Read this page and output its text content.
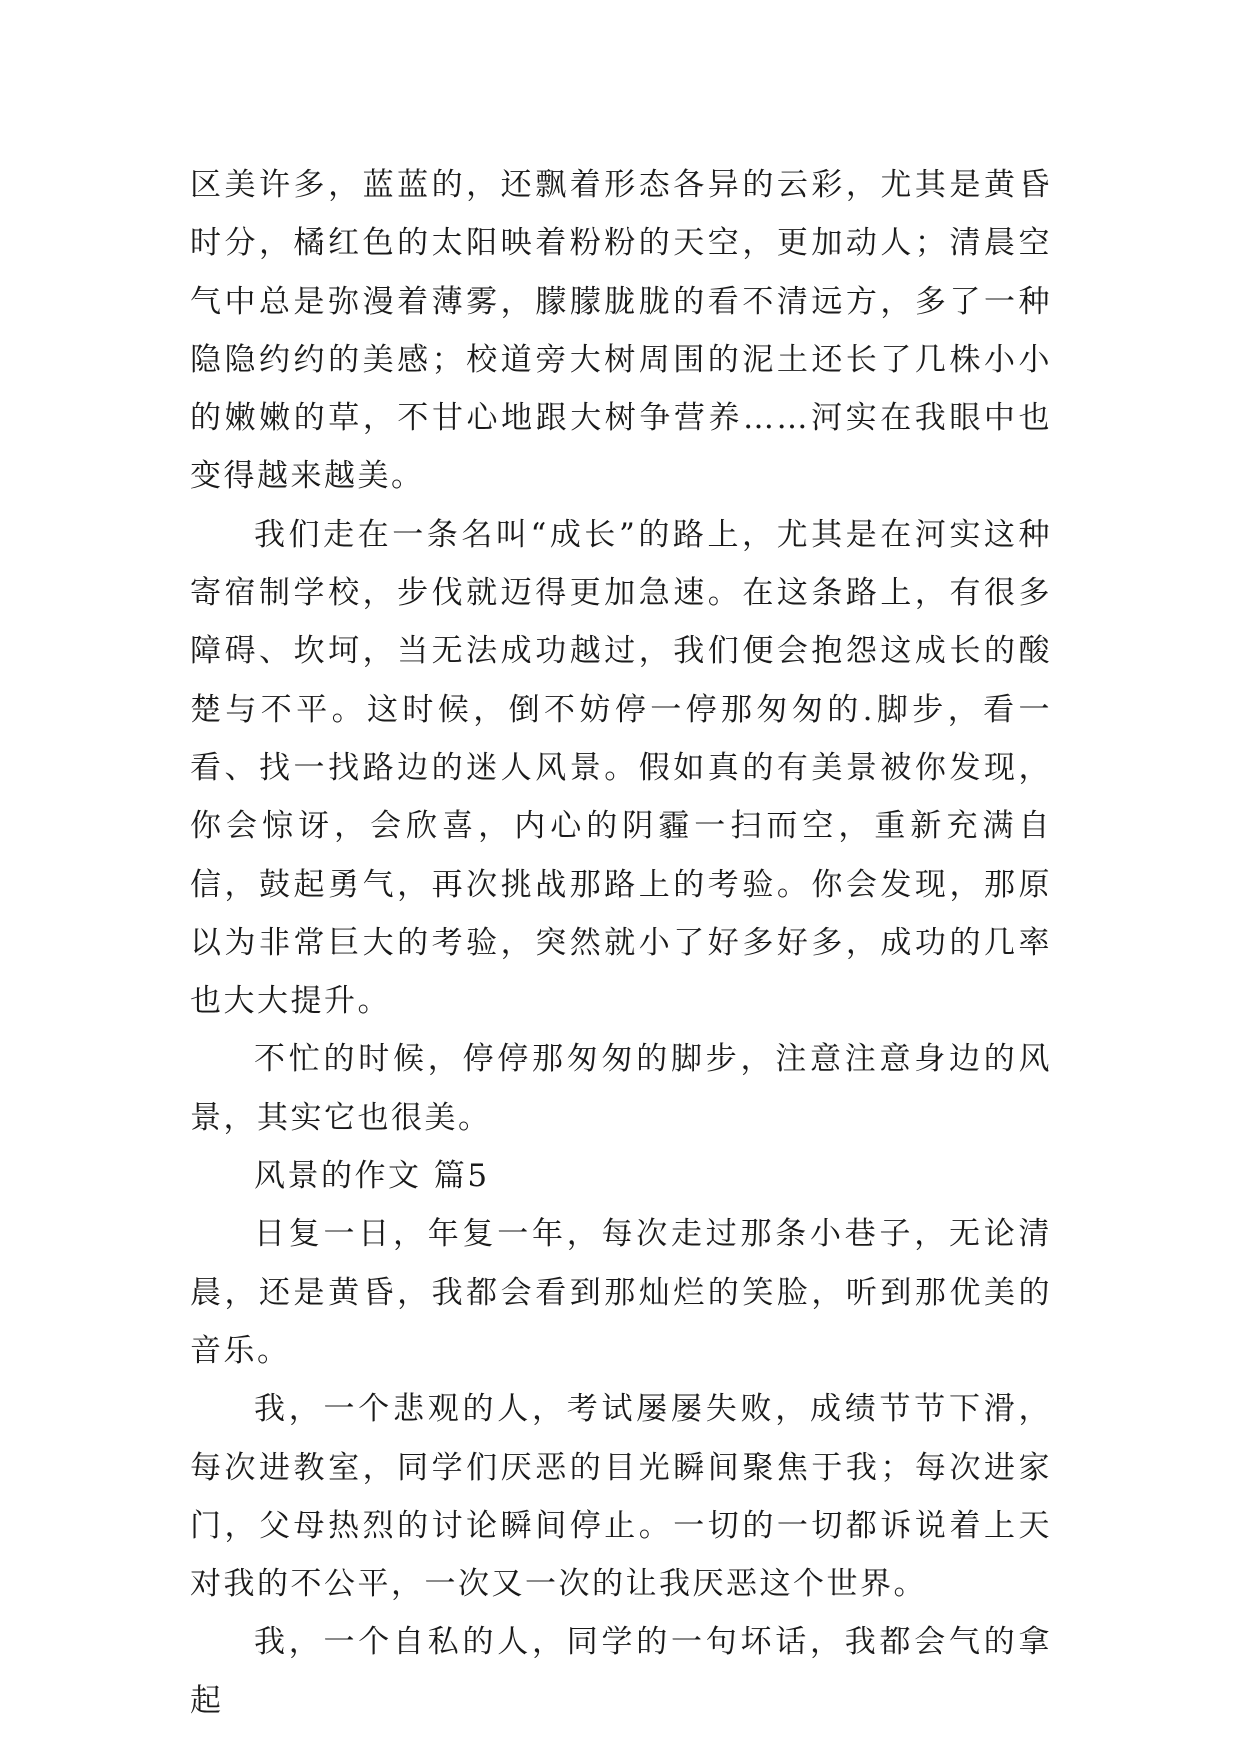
区美许多，蓝蓝的，还飘着形态各异的云彩，尤其是黄昏时分，橘红色的太阳映着粉粉的天空，更加动人；清晨空气中总是弥漫着薄雾，朦朦胧胧的看不清远方，多了一种隐隐约约的美感；校道旁大树周围的泥土还长了几株小小的嫩嫩的草，不甘心地跟大树争营养……河实在我眼中也变得越来越美。

我们走在一条名叫“成长”的路上，尤其是在河实这种寄宿制学校，步伐就迈得更加急速。在这条路上，有很多障碍、坎坷，当无法成功越过，我们便会抱怨这成长的酸楚与不平。这时候，倒不妨停一停那匆匆的.脚步，看一看、找一找路边的迷人风景。假如真的有美景被你发现，你会惊讶，会欣喜，内心的阴霾一扫而空，重新充满自信，鼓起勇气，再次挑战那路上的考验。你会发现，那原以为非常巨大的考验，突然就小了好多好多，成功的几率也大大提升。

不忙的时候，停停那匆匆的脚步，注意注意身边的风景，其实它也很美。

风景的作文 篇5

日复一日，年复一年，每次走过那条小巷子，无论清晨，还是黄昏，我都会看到那灿烂的笑脸，听到那优美的音乐。

我，一个悲观的人，考试屡屡失败，成绩节节下滑，每次进教室，同学们厌恶的目光瞬间聚焦于我；每次进家门，父母热烈的讨论瞬间停止。一切的一切都诉说着上天对我的不公平，一次又一次的让我厌恶这个世界。

我，一个自私的人，同学的一句坏话，我都会气的拿起
